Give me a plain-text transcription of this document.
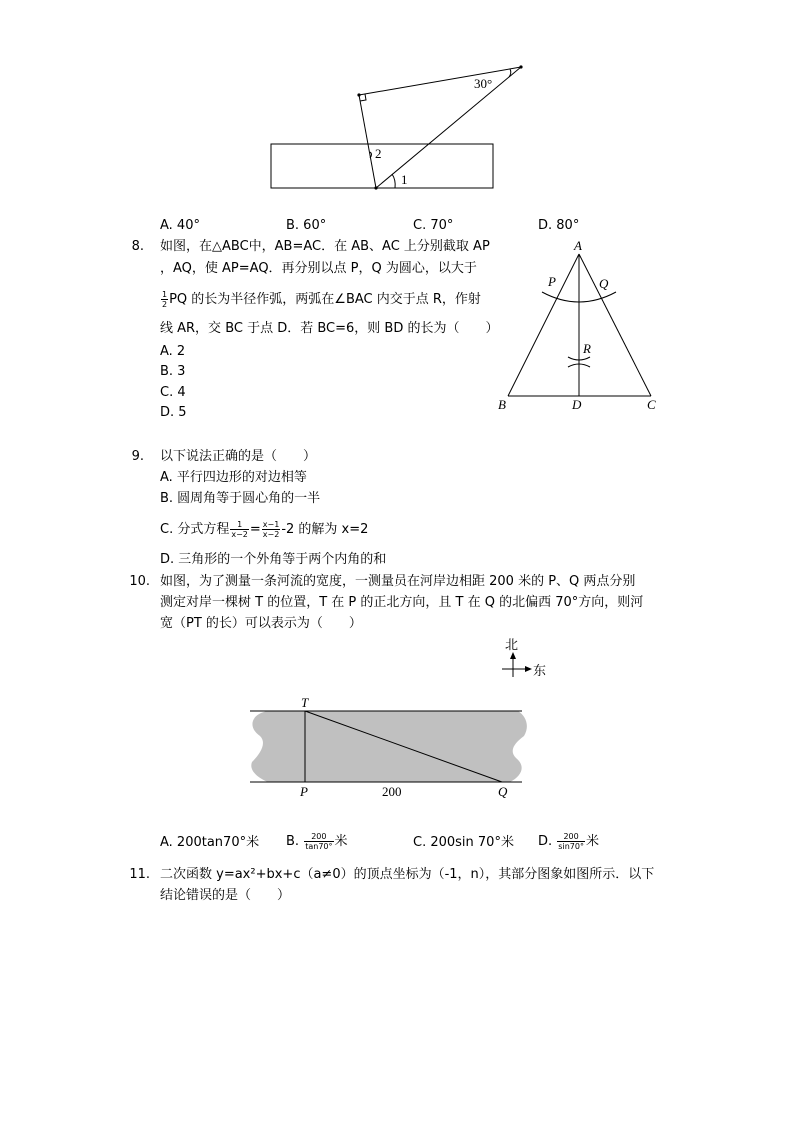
30°
2
1
A. 40°	B. 60°	C. 70°	D. 80°
8. 如图，在△ABC中，AB=AC．在 AB、AC 上分别截取 AP
，AQ，使 AP=AQ．再分别以点 P，Q 为圆心，以大于
$\frac{1}{2}$ PQ 的长为半径作弧，两弧在∠BAC 内交于点 R，作射
线 AR，交 BC 于点 D．若 BC=6，则 BD 的长为（　　）
A. 2
B. 3
C. 4
D. 5
A
P	Q
R
B	D	C
9. 以下说法正确的是（　　）
A. 平行四边形的对边相等
B. 圆周角等于圆心角的一半
C. 分式方程 $\frac{1}{x-2} = \frac{x-1}{x-2} -2$ 的解为 x=2
D. 三角形的一个外角等于两个内角的和
10. 如图，为了测量一条河流的宽度，一测量员在河岸边相距 200 米的 P、Q 两点分别
测定对岸一棵树 T 的位置，T 在 P 的正北方向，且 T 在 Q 的北偏西 70°方向，则河
宽（PT 的长）可以表示为（　　）
北
东
T
P	Q
200
A. 200tan70°米 B. $\frac{200}{\tan 70^\circ}$ 米	C. 200sin 70°米 D. $\frac{200}{\sin 70^\circ}$ 米
11. 二次函数 y=ax²+bx+c（a≠0）的顶点坐标为（-1，n），其部分图象如图所示．以下
结论错误的是（　　）
